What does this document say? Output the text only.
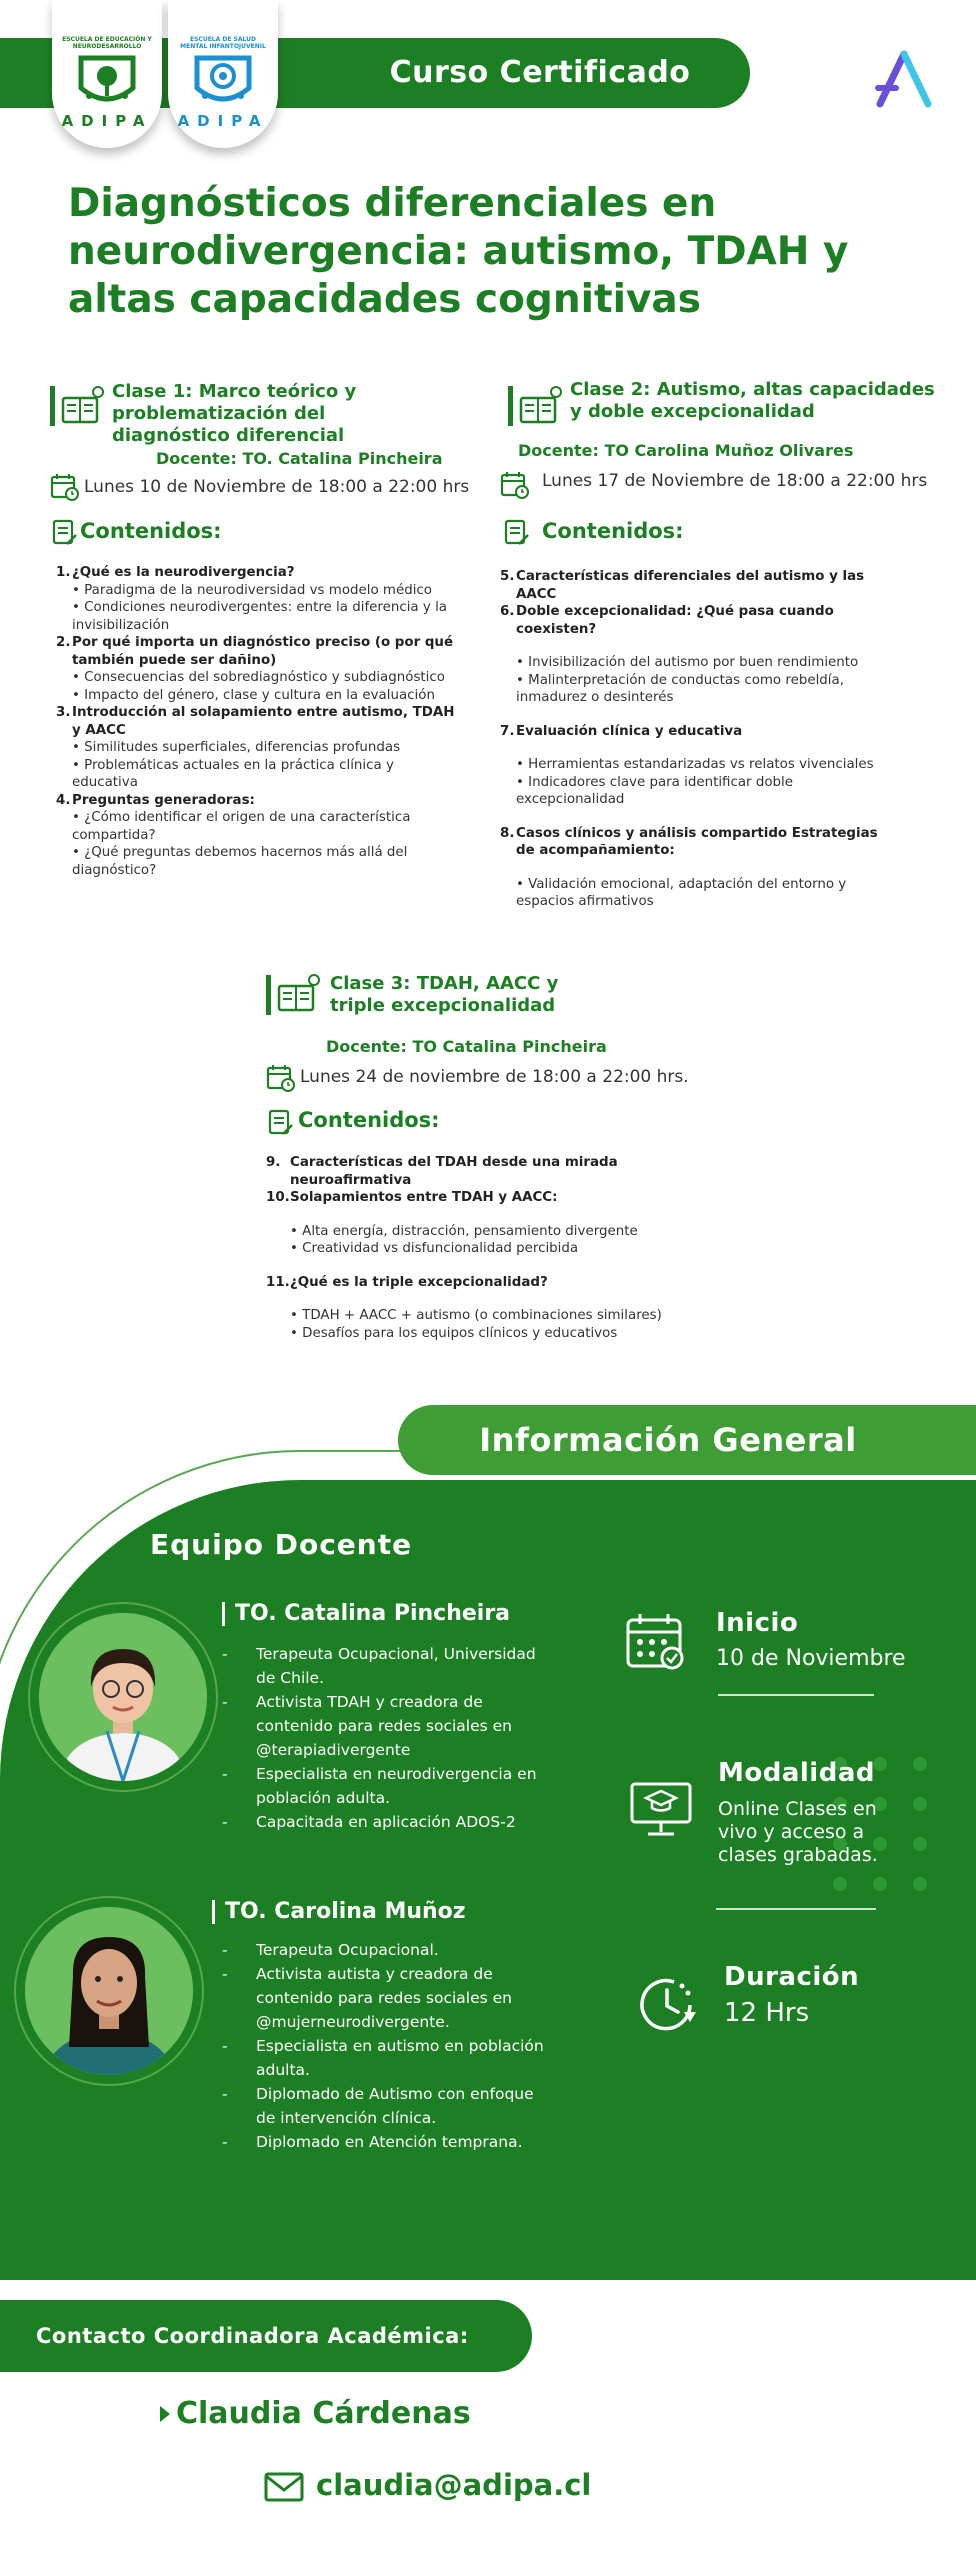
Curso Certificado
ESCUELA DE EDUCACIÓN Y NEURODESARROLLO
ADIPA
ESCUELA DE SALUD MENTAL INFANTOJUVENIL
ADIPA
Diagnósticos diferenciales en neurodivergencia: autismo, TDAH y altas capacidades cognitivas
Clase 1: Marco teórico y problematización del diagnóstico diferencial
Docente: TO. Catalina Pincheira
Lunes 10 de Noviembre de 18:00 a 22:00 hrs
Contenidos:
1. ¿Qué es la neurodivergencia?
• Paradigma de la neurodiversidad vs modelo médico
• Condiciones neurodivergentes: entre la diferencia y la invisibilización
2. Por qué importa un diagnóstico preciso (o por qué también puede ser dañino)
• Consecuencias del sobrediagnóstico y subdiagnóstico
• Impacto del género, clase y cultura en la evaluación
3. Introducción al solapamiento entre autismo, TDAH y AACC
• Similitudes superficiales, diferencias profundas
• Problemáticas actuales en la práctica clínica y educativa
4. Preguntas generadoras:
• ¿Cómo identificar el origen de una característica compartida?
• ¿Qué preguntas debemos hacernos más allá del diagnóstico?
Clase 2: Autismo, altas capacidades y doble excepcionalidad
Docente: TO Carolina Muñoz Olivares
Lunes 17 de Noviembre de 18:00 a 22:00 hrs
Contenidos:
5. Características diferenciales del autismo y las AACC
6. Doble excepcionalidad: ¿Qué pasa cuando coexisten?
• Invisibilización del autismo por buen rendimiento
• Malinterpretación de conductas como rebeldía, inmadurez o desinterés
7. Evaluación clínica y educativa
• Herramientas estandarizadas vs relatos vivenciales
• Indicadores clave para identificar doble excepcionalidad
8. Casos clínicos y análisis compartido Estrategias de acompañamiento:
• Validación emocional, adaptación del entorno y espacios afirmativos
Clase 3: TDAH, AACC y triple excepcionalidad
Docente: TO Catalina Pincheira
Lunes 24 de noviembre de 18:00 a 22:00 hrs.
Contenidos:
9. Características del TDAH desde una mirada neuroafirmativa
10. Solapamientos entre TDAH y AACC:
• Alta energía, distracción, pensamiento divergente
• Creatividad vs disfuncionalidad percibida
11. ¿Qué es la triple excepcionalidad?
• TDAH + AACC + autismo (o combinaciones similares)
• Desafíos para los equipos clínicos y educativos
Información General
Equipo Docente
TO. Catalina Pincheira
- Terapeuta Ocupacional, Universidad de Chile.
- Activista TDAH y creadora de contenido para redes sociales en @terapiadivergente
- Especialista en neurodivergencia en población adulta.
- Capacitada en aplicación ADOS-2
TO. Carolina Muñoz
- Terapeuta Ocupacional.
- Activista autista y creadora de contenido para redes sociales en @mujerneurodivergente.
- Especialista en autismo en población adulta.
- Diplomado de Autismo con enfoque de intervención clínica.
- Diplomado en Atención temprana.
Inicio
10 de Noviembre
Modalidad
Online Clases en vivo y acceso a clases grabadas.
Duración
12 Hrs
Contacto Coordinadora Académica:
Claudia Cárdenas
claudia@adipa.cl
